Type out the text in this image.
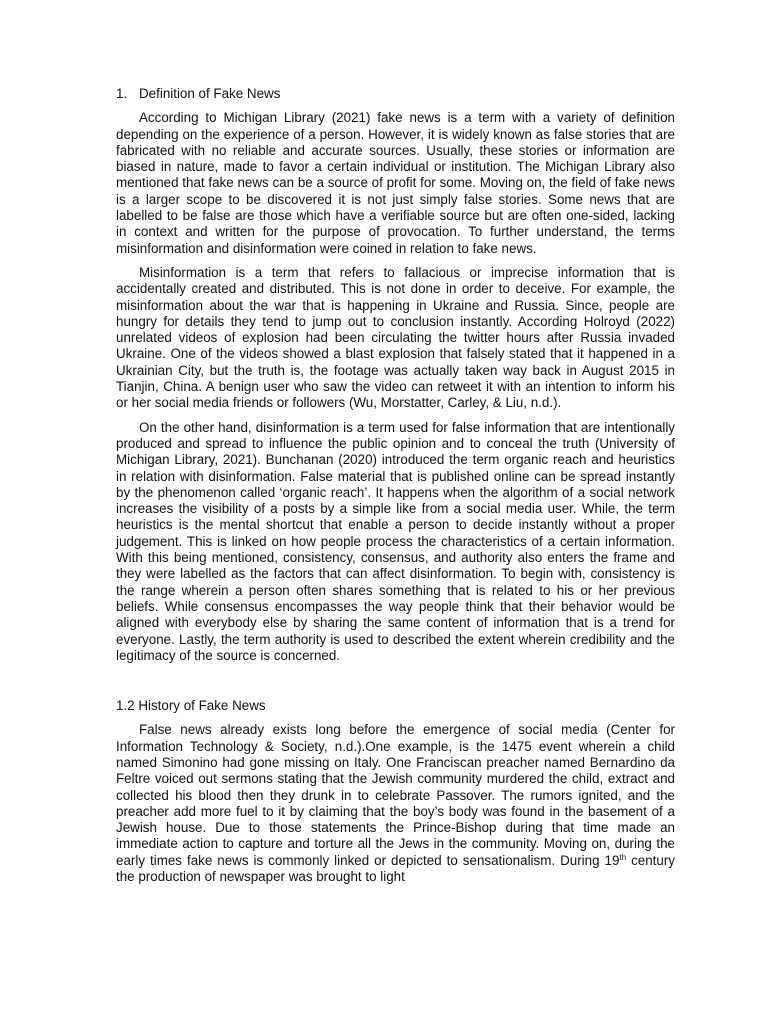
1. Definition of Fake News

According to Michigan Library (2021) fake news is a term with a variety of definition depending on the experience of a person. However, it is widely known as false stories that are fabricated with no reliable and accurate sources. Usually, these stories or information are biased in nature, made to favor a certain individual or institution. The Michigan Library also mentioned that fake news can be a source of profit for some. Moving on, the field of fake news is a larger scope to be discovered it is not just simply false stories. Some news that are labelled to be false are those which have a verifiable source but are often one-sided, lacking in context and written for the purpose of provocation. To further understand, the terms misinformation and disinformation were coined in relation to fake news.

Misinformation is a term that refers to fallacious or imprecise information that is accidentally created and distributed. This is not done in order to deceive. For example, the misinformation about the war that is happening in Ukraine and Russia. Since, people are hungry for details they tend to jump out to conclusion instantly. According Holroyd (2022) unrelated videos of explosion had been circulating the twitter hours after Russia invaded Ukraine. One of the videos showed a blast explosion that falsely stated that it happened in a Ukrainian City, but the truth is, the footage was actually taken way back in August 2015 in Tianjin, China. A benign user who saw the video can retweet it with an intention to inform his or her social media friends or followers (Wu, Morstatter, Carley, & Liu, n.d.).

On the other hand, disinformation is a term used for false information that are intentionally produced and spread to influence the public opinion and to conceal the truth (University of Michigan Library, 2021). Bunchanan (2020) introduced the term organic reach and heuristics in relation with disinformation. False material that is published online can be spread instantly by the phenomenon called ‘organic reach’. It happens when the algorithm of a social network increases the visibility of a posts by a simple like from a social media user. While, the term heuristics is the mental shortcut that enable a person to decide instantly without a proper judgement. This is linked on how people process the characteristics of a certain information. With this being mentioned, consistency, consensus, and authority also enters the frame and they were labelled as the factors that can affect disinformation. To begin with, consistency is the range wherein a person often shares something that is related to his or her previous beliefs. While consensus encompasses the way people think that their behavior would be aligned with everybody else by sharing the same content of information that is a trend for everyone. Lastly, the term authority is used to described the extent wherein credibility and the legitimacy of the source is concerned.

1.2 History of Fake News

False news already exists long before the emergence of social media (Center for Information Technology & Society, n.d.).One example, is the 1475 event wherein a child named Simonino had gone missing on Italy. One Franciscan preacher named Bernardino da Feltre voiced out sermons stating that the Jewish community murdered the child, extract and collected his blood then they drunk in to celebrate Passover. The rumors ignited, and the preacher add more fuel to it by claiming that the boy’s body was found in the basement of a Jewish house. Due to those statements the Prince-Bishop during that time made an immediate action to capture and torture all the Jews in the community. Moving on, during the early times fake news is commonly linked or depicted to sensationalism. During 19th century the production of newspaper was brought to light
